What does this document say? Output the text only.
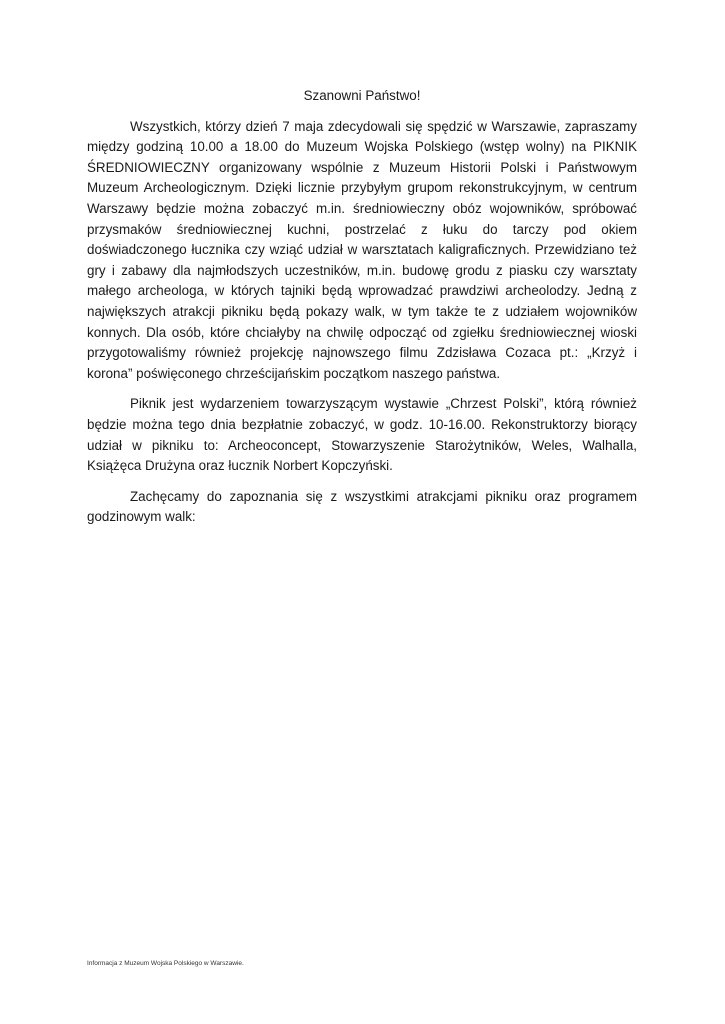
Szanowni Państwo!

Wszystkich, którzy dzień 7 maja zdecydowali się spędzić w Warszawie, zapraszamy między godziną 10.00 a 18.00 do Muzeum Wojska Polskiego (wstęp wolny) na PIKNIK ŚREDNIOWIECZNY organizowany wspólnie z Muzeum Historii Polski i Państwowym Muzeum Archeologicznym. Dzięki licznie przybyłym grupom rekonstrukcyjnym, w centrum Warszawy będzie można zobaczyć m.in. średniowieczny obóz wojowników, spróbować przysmaków średniowiecznej kuchni, postrzelać z łuku do tarczy pod okiem doświadczonego łucznika czy wziąć udział w warsztatach kaligraficznych. Przewidziano też gry i zabawy dla najmłodszych uczestników, m.in. budowę grodu z piasku czy warsztaty małego archeologa, w których tajniki będą wprowadzać prawdziwi archeolodzy. Jedną z największych atrakcji pikniku będą pokazy walk, w tym także te z udziałem wojowników konnych. Dla osób, które chciałyby na chwilę odpocząć od zgiełku średniowiecznej wioski przygotowaliśmy również projekcję najnowszego filmu Zdzisława Cozaca pt.: „Krzyż i korona” poświęconego chrześcijańskim początkom naszego państwa.

Piknik jest wydarzeniem towarzyszącym wystawie „Chrzest Polski”, którą również będzie można tego dnia bezpłatnie zobaczyć, w godz. 10-16.00. Rekonstruktorzy biorący udział w pikniku to: Archeoconcept, Stowarzyszenie Starożytników, Weles, Walhalla, Książęca Drużyna oraz łucznik Norbert Kopczyński.

Zachęcamy do zapoznania się z wszystkimi atrakcjami pikniku oraz programem godzinowym walk:

Informacja z Muzeum Wojska Polskiego w Warszawie.
